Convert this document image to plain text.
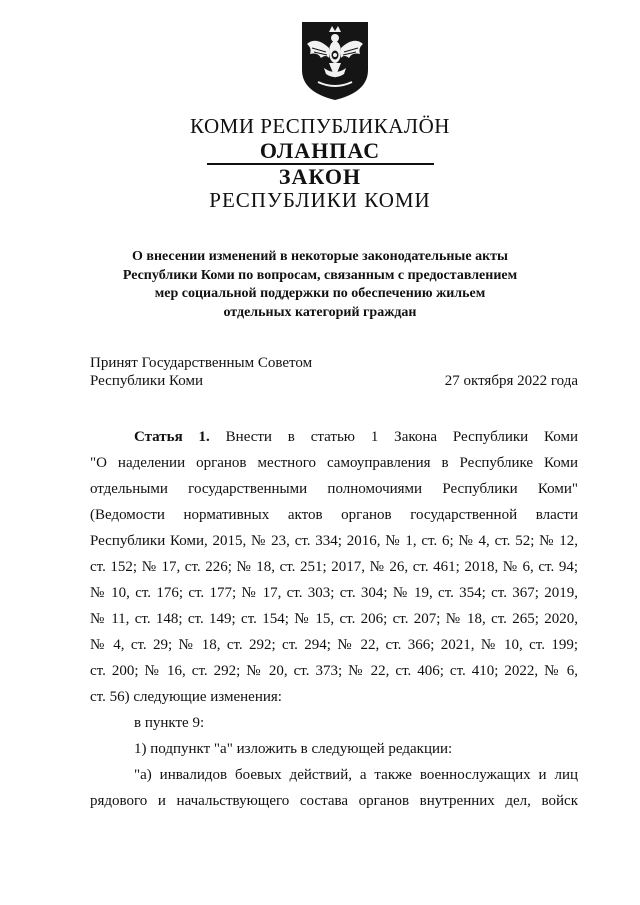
КОМИ РЕСПУБЛИКАЛÖН
ОЛАНПАС
ЗАКОН
РЕСПУБЛИКИ КОМИ
О внесении изменений в некоторые законодательные акты
Республики Коми по вопросам, связанным с предоставлением
мер социальной поддержки по обеспечению жильем
отдельных категорий граждан
Принят Государственным Советом
Республики Коми	27 октября 2022 года
Статья 1. Внести в статью 1 Закона Республики Коми
"О наделении органов местного самоуправления в Республике Коми
отдельными государственными полномочиями Республики Коми"
(Ведомости нормативных актов органов государственной власти
Республики Коми, 2015, № 23, ст. 334; 2016, № 1, ст. 6; № 4, ст. 52; № 12,
ст. 152; № 17, ст. 226; № 18, ст. 251; 2017, № 26, ст. 461; 2018, № 6, ст. 94;
№ 10, ст. 176; ст. 177; № 17, ст. 303; ст. 304; № 19, ст. 354; ст. 367; 2019,
№ 11, ст. 148; ст. 149; ст. 154; № 15, ст. 206; ст. 207; № 18, ст. 265; 2020,
№ 4, ст. 29; № 18, ст. 292; ст. 294; № 22, ст. 366; 2021, № 10, ст. 199;
ст. 200; № 16, ст. 292; № 20, ст. 373; № 22, ст. 406; ст. 410; 2022, № 6,
ст. 56) следующие изменения:
в пункте 9:
1) подпункт "а" изложить в следующей редакции:
"а) инвалидов боевых действий, а также военнослужащих и лиц
рядового и начальствующего состава органов внутренних дел, войск
